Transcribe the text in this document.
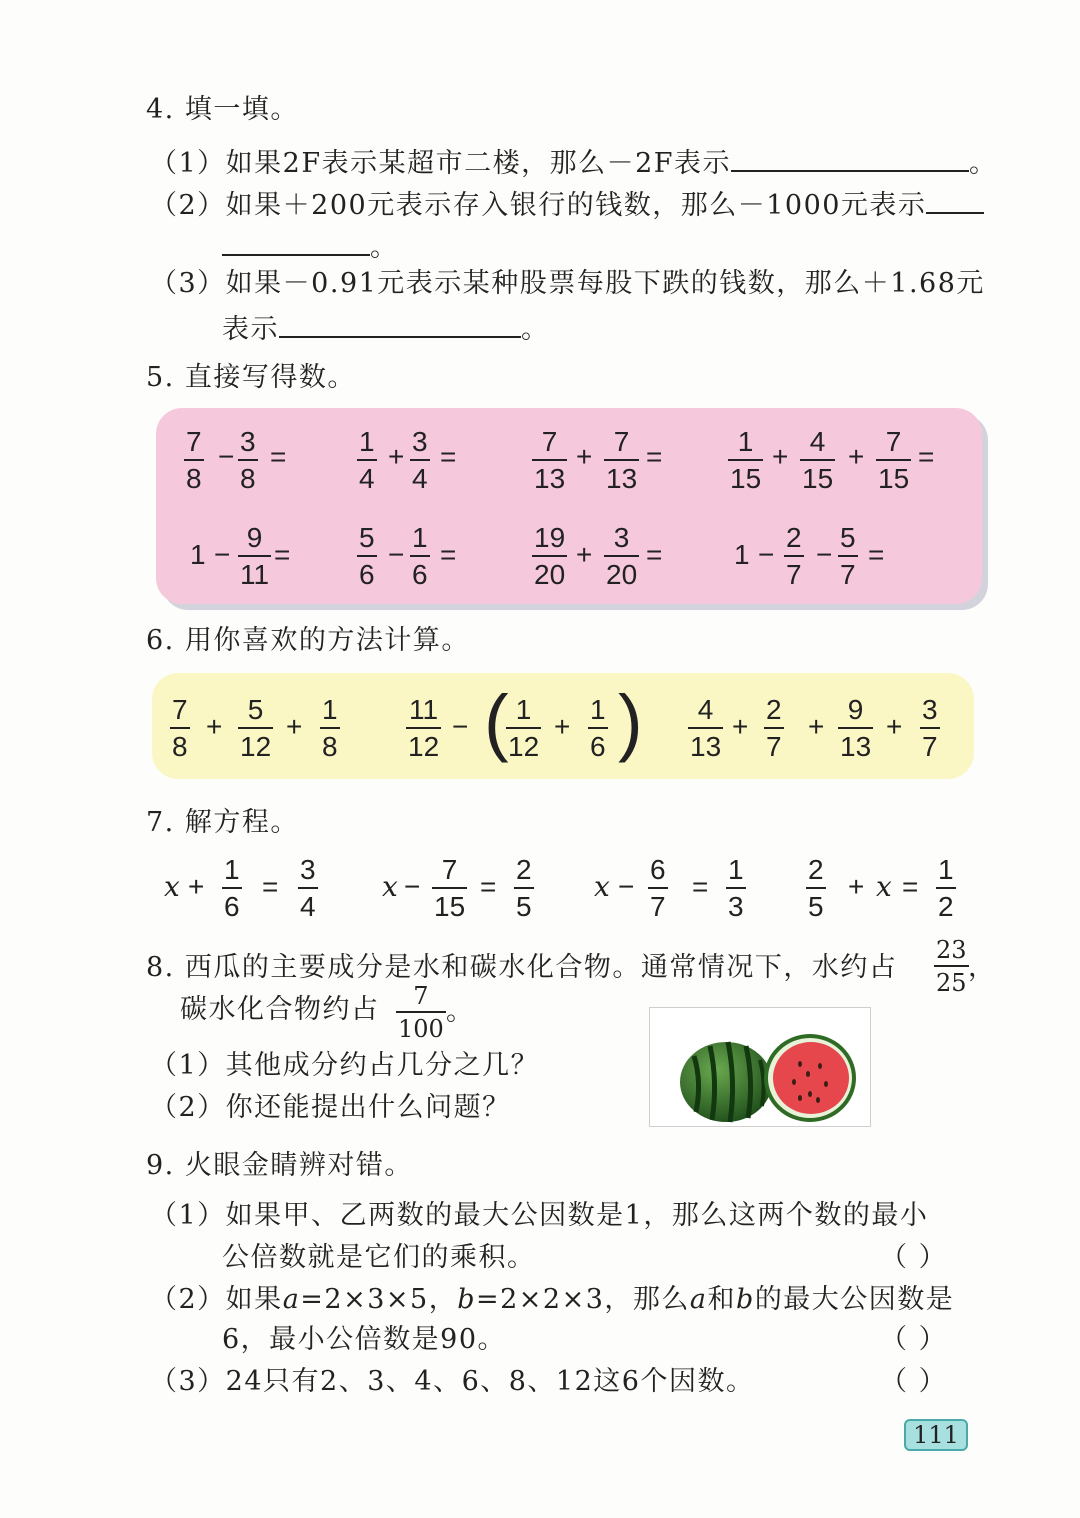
4. 填一填。
（1）如果2F表示某超市二楼，那么－2F表示	。
（2）如果＋200元表示存入银行的钱数，那么－1000元表示
。
（3）如果－0.91元表示某种股票每股下跌的钱数，那么＋1.68元
表示	。
5. 直接写得数。
7
8
− 3
8
=	1
4
+ 3
4
=	7
13
+ 7
13
=	1
15
+ 4
15
+ 7
15
=
1 −
9
11
=
5
6
−
1
6
=
19
20
+
3
20
=	1 −
2
7
−
5
7
=
6. 用你喜欢的方法计算。
7
8
+
5
12
+
1
8
11
12
− ( 1
12
+
1
6 ) 4
13
+
2
7
+
9
13
+
3
7
7. 解方程。
x +
1
6
=
3
4
x −
7
15
=
2
5
x −
6
7
=
1
3
2
5
+ x =
1
2
8. 西瓜的主要成分是水和碳水化合物。通常情况下，水约占
23
25 ，
碳水化合物约占 7
100
。
（1）其他成分约占几分之几？
（2）你还能提出什么问题？
9. 火眼金睛辨对错。
（1）如果甲、乙两数的最大公因数是1，那么这两个数的最小
公倍数就是它们的乘积。	（ ）
（2）如果a=2×3×5，b=2×2×3，那么a和b的最大公因数是
6，最小公倍数是90。	（ ）
（3）24只有2、3、4、6、8、12这6个因数。	（ ）
111
